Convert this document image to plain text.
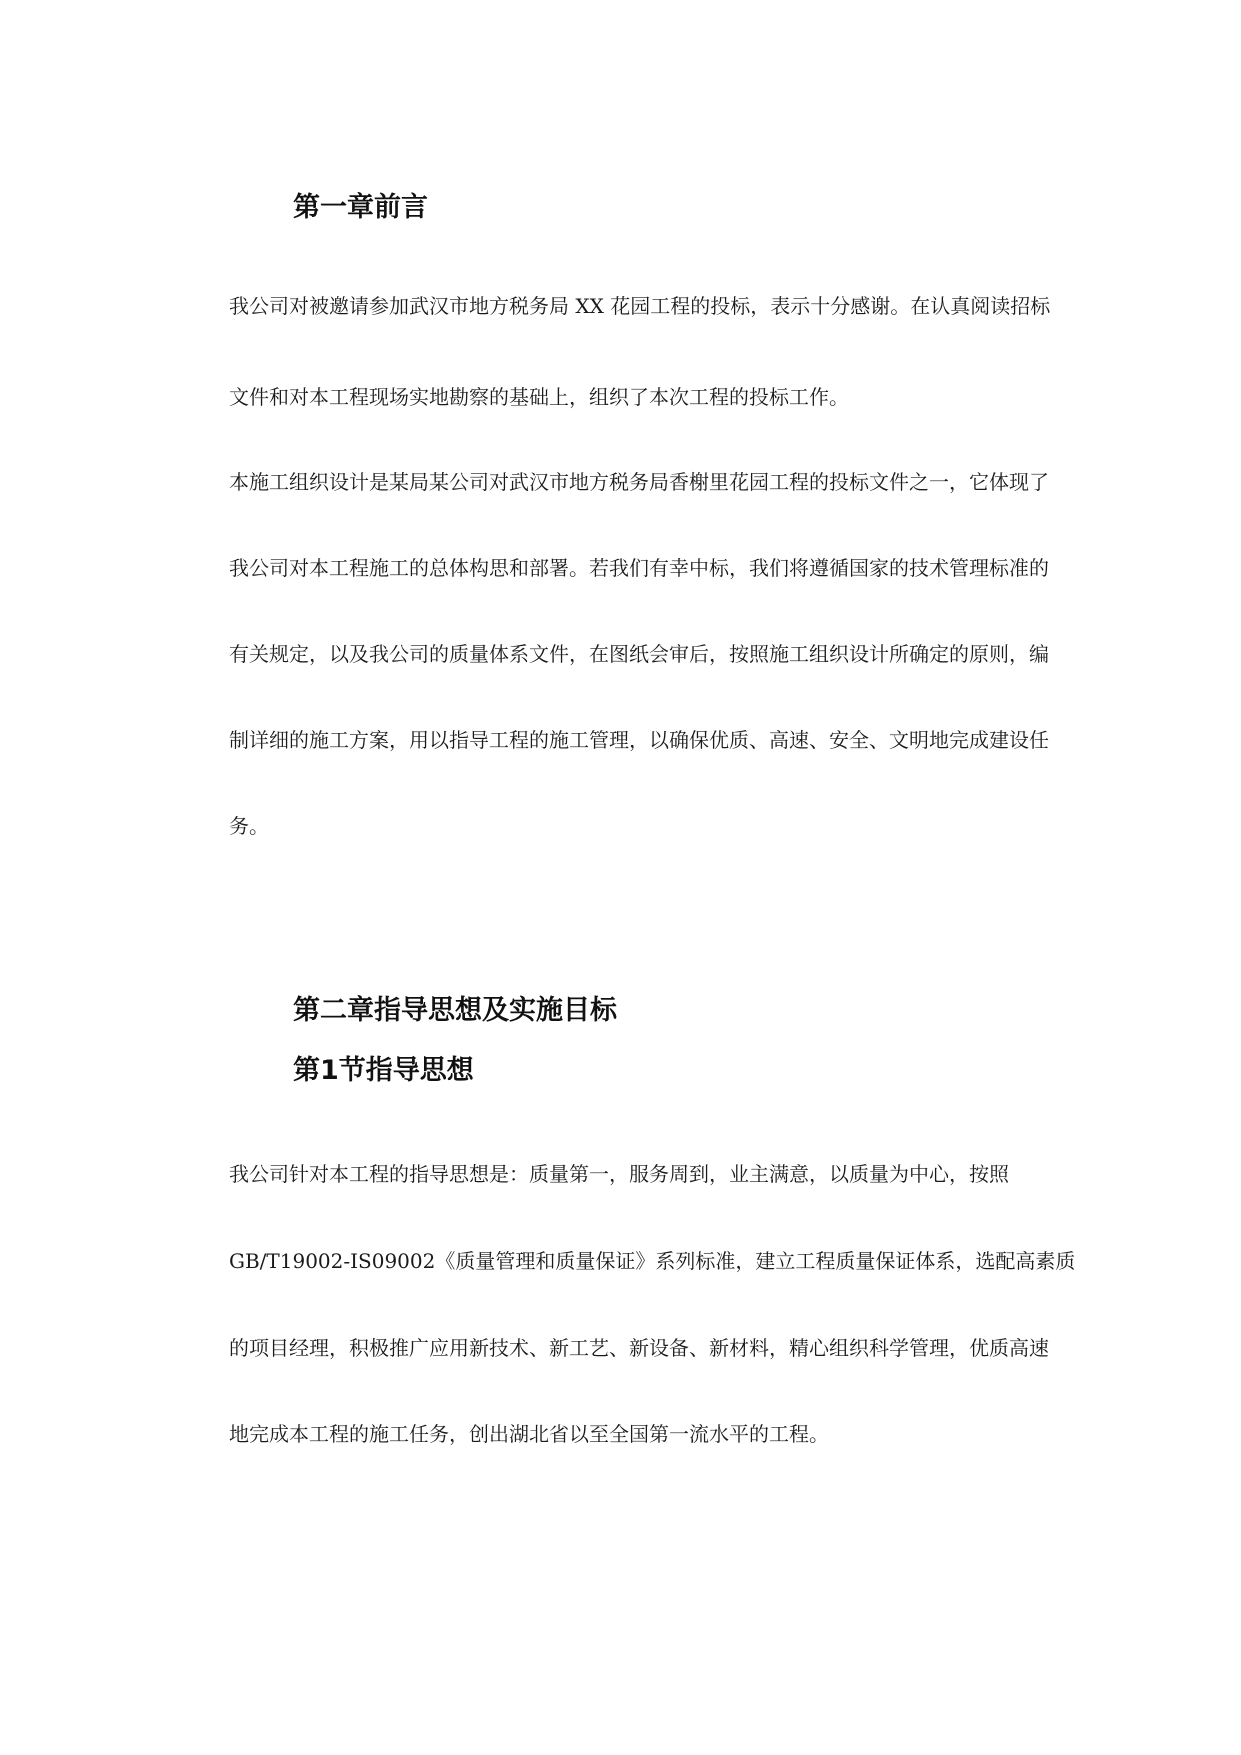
第一章前言

我公司对被邀请参加武汉市地方税务局 XX 花园工程的投标，表示十分感谢。在认真阅读招标

文件和对本工程现场实地勘察的基础上，组织了本次工程的投标工作。

本施工组织设计是某局某公司对武汉市地方税务局香榭里花园工程的投标文件之一，它体现了

我公司对本工程施工的总体构思和部署。若我们有幸中标，我们将遵循国家的技术管理标准的

有关规定，以及我公司的质量体系文件，在图纸会审后，按照施工组织设计所确定的原则，编

制详细的施工方案，用以指导工程的施工管理，以确保优质、高速、安全、文明地完成建设任

务。

第二章指导思想及实施目标
第1节指导思想

我公司针对本工程的指导思想是：质量第一，服务周到，业主满意，以质量为中心，按照

GB/T19002-IS09002《质量管理和质量保证》系列标准，建立工程质量保证体系，选配高素质

的项目经理，积极推广应用新技术、新工艺、新设备、新材料，精心组织科学管理，优质高速

地完成本工程的施工任务，创出湖北省以至全国第一流水平的工程。
